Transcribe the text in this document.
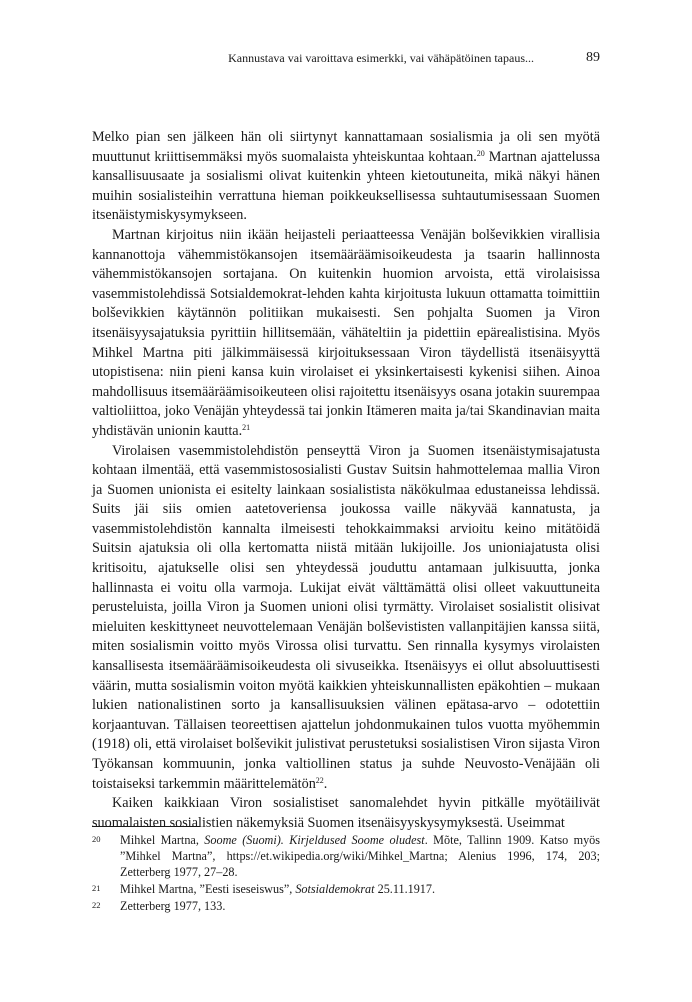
Kannustava vai varoittava esimerkki, vai vähäpätöinen tapaus...	89

Melko pian sen jälkeen hän oli siirtynyt kannattamaan sosialismia ja oli sen myötä muuttunut kriittisemmäksi myös suomalaista yhteiskuntaa kohtaan.$^{20}$ Martnan ajattelussa kansallisuusaate ja sosialismi olivat kuitenkin yhteen kietoutuneita, mikä näkyi hänen muihin sosialisteihin verrattuna hieman poikkeuksellisessa suhtautumisessaan Suomen itsenäistymiskysymykseen.

Martnan kirjoitus niin ikään heijasteli periaatteessa Venäjän bolševikkien virallisia kannanottoja vähemmistökansojen itsemääräämisoikeudesta ja tsaarin hallinnosta vähemmistökansojen sortajana. On kuitenkin huomion arvoista, että virolaisissa vasemmistolehdissä Sotsialdemokrat-lehden kahta kirjoitusta lukuun ottamatta toimittiin bolševikkien käytännön politiikan mukaisesti. Sen pohjalta Suomen ja Viron itsenäisyysajatuksia pyrittiin hillitsemään, vähäteltiin ja pidettiin epärealistisina. Myös Mihkel Martna piti jälkimmäisessä kirjoituksessaan Viron täydellistä itsenäisyyttä utopistisena: niin pieni kansa kuin virolaiset ei yksinkertaisesti kykenisi siihen. Ainoa mahdollisuus itsemääräämisoikeuteen olisi rajoitettu itsenäisyys osana jotakin suurempaa valtioliittoa, joko Venäjän yhteydessä tai jonkin Itämeren maita ja/tai Skandinavian maita yhdistävän unionin kautta.$^{21}$

Virolaisen vasemmistolehdistön penseyttä Viron ja Suomen itsenäistymisajatusta kohtaan ilmentää, että vasemmistososialisti Gustav Suitsin hahmottelemaa mallia Viron ja Suomen unionista ei esitelty lainkaan sosialistista näkökulmaa edustaneissa lehdissä. Suits jäi siis omien aatetoveriensa joukossa vaille näkyvää kannatusta, ja vasemmistolehdistön kannalta ilmeisesti tehokkaimmaksi arvioitu keino mitätöidä Suitsin ajatuksia oli olla kertomatta niistä mitään lukijoille. Jos unioniajatusta olisi kritisoitu, ajatukselle olisi sen yhteydessä jouduttu antamaan julkisuutta, jonka hallinnasta ei voitu olla varmoja. Lukijat eivät välttämättä olisi olleet vakuuttuneita perusteluista, joilla Viron ja Suomen unioni olisi tyrmätty. Virolaiset sosialistit olisivat mieluiten keskittyneet neuvottelemaan Venäjän bolševististen vallanpitäjien kanssa siitä, miten sosialismin voitto myös Virossa olisi turvattu. Sen rinnalla kysymys virolaisten kansallisesta itsemääräämisoikeudesta oli sivuseikka. Itsenäisyys ei ollut absoluuttisesti väärin, mutta sosialismin voiton myötä kaikkien yhteiskunnallisten epäkohtien – mukaan lukien nationalistinen sorto ja kansallisuuksien välinen epätasa-arvo – odotettiin korjaantuvan. Tällaisen teoreettisen ajattelun johdonmukainen tulos vuotta myöhemmin (1918) oli, että virolaiset bolševikit julistivat perustetuksi sosialistisen Viron sijasta Viron Työkansan kommuunin, jonka valtiollinen status ja suhde Neuvosto-Venäjään oli toistaiseksi tarkemmin määrittelemätön$^{22}$.

Kaiken kaikkiaan Viron sosialistiset sanomalehdet hyvin pitkälle myötäilivät suomalaisten sosialistien näkemyksiä Suomen itsenäisyyskysymyksestä. Useimmat

20	Mihkel Martna, Soome (Suomi). Kirjeldused Soome oludest. Mõte, Tallinn 1909. Katso myös ”Mihkel Martna”, https://et.wikipedia.org/wiki/Mihkel_Martna; Alenius 1996, 174, 203; Zetterberg 1977, 27–28.
21	Mihkel Martna, ”Eesti iseseiswus”, Sotsialdemokrat 25.11.1917.
22	Zetterberg 1977, 133.
